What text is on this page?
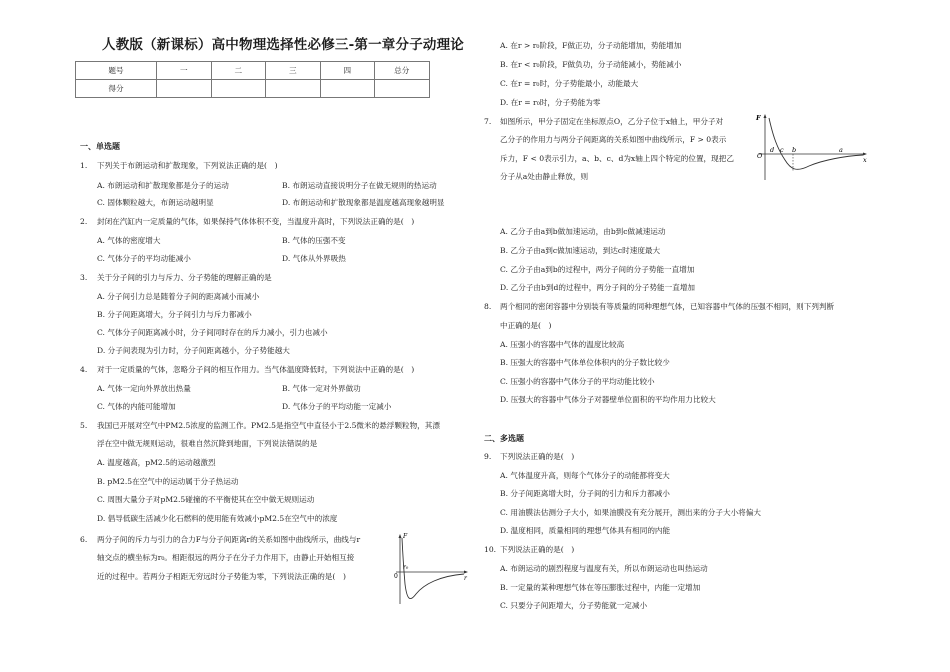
人教版（新课标）高中物理选择性必修三-第一章分子动理论
题号	一	二	三	四	总分
得分					
一、单选题
1. 下列关于布朗运动和扩散现象，下列说法正确的是(　)
A. 布朗运动和扩散现象都是分子的运动	B. 布朗运动直接说明分子在做无规则的热运动
C. 固体颗粒越大，布朗运动越明显	D. 布朗运动和扩散现象都是温度越高现象越明显
2. 封闭在汽缸内一定质量的气体，如果保持气体体积不变，当温度升高时，下列说法正确的是(　)
A. 气体的密度增大	B. 气体的压强不变
C. 气体分子的平均动能减小	D. 气体从外界吸热
3. 关于分子间的引力与斥力、分子势能的理解正确的是
A. 分子间引力总是随着分子间的距离减小而减小
B. 分子间距离增大，分子间引力与斥力都减小
C. 气体分子间距离减小时，分子间同时存在的斥力减小，引力也减小
D. 分子间表现为引力时，分子间距离越小，分子势能越大
4. 对于一定质量的气体，忽略分子间的相互作用力。当气体温度降低时，下列说法中正确的是(　)
A. 气体一定向外界放出热量	B. 气体一定对外界做功
C. 气体的内能可能增加	D. 气体分子的平均动能一定减小
5. 我国已开展对空气中PM2.5浓度的监测工作。PM2.5是指空气中直径小于2.5微米的悬浮颗粒物，其漂
浮在空中做无规则运动，很难自然沉降到地面，下列说法错误的是
A. 温度越高，pM2.5的运动越激烈
B. pM2.5在空气中的运动属于分子热运动
C. 周围大量分子对pM2.5碰撞的不平衡使其在空中做无规则运动
D. 倡导低碳生活减少化石燃料的使用能有效减小pM2.5在空气中的浓度
6. 两分子间的斥力与引力的合力F与分子间距离r的关系如图中曲线所示，曲线与r
轴交点的横坐标为r₀。相距很远的两分子在分子力作用下，由静止开始相互接
近的过程中。若两分子相距无穷远时分子势能为零，下列说法正确的是(　)
F
r
0
r₀
A. 在r > r₀阶段，F做正功，分子动能增加，势能增加
B. 在r < r₀阶段，F做负功，分子动能减小，势能减小
C. 在r = r₀时，分子势能最小，动能最大
D. 在r = r₀时，分子势能为零
7. 如图所示，甲分子固定在坐标原点O，乙分子位于x轴上，甲分子对
乙分子的作用力与两分子间距离的关系如图中曲线所示，F > 0表示
斥力，F < 0表示引力，a、b、c、d为x轴上四个特定的位置，现把乙
分子从a处由静止释放，则
F
x
O
d c b	a
A. 乙分子由a到b做加速运动，由b到c做减速运动
B. 乙分子由a到c做加速运动，到达c时速度最大
C. 乙分子由a到b的过程中，两分子间的分子势能一直增加
D. 乙分子由b到d的过程中，两分子间的分子势能一直增加
8. 两个相同的密闭容器中分别装有等质量的同种理想气体，已知容器中气体的压强不相同，则下列判断
中正确的是(　)
A. 压强小的容器中气体的温度比较高
B. 压强大的容器中气体单位体积内的分子数比较少
C. 压强小的容器中气体分子的平均动能比较小
D. 压强大的容器中气体分子对器壁单位面积的平均作用力比较大
二、多选题
9. 下列说法正确的是(　)
A. 气体温度升高，则每个气体分子的动能都将变大
B. 分子间距离增大时，分子间的引力和斥力都减小
C. 用油膜法估测分子大小，如果油膜没有充分展开，测出来的分子大小将偏大
D. 温度相同，质量相同的理想气体具有相同的内能
10. 下列说法正确的是(　)
A. 布朗运动的剧烈程度与温度有关，所以布朗运动也叫热运动
B. 一定量的某种理想气体在等压膨胀过程中，内能一定增加
C. 只要分子间距增大，分子势能就一定减小
